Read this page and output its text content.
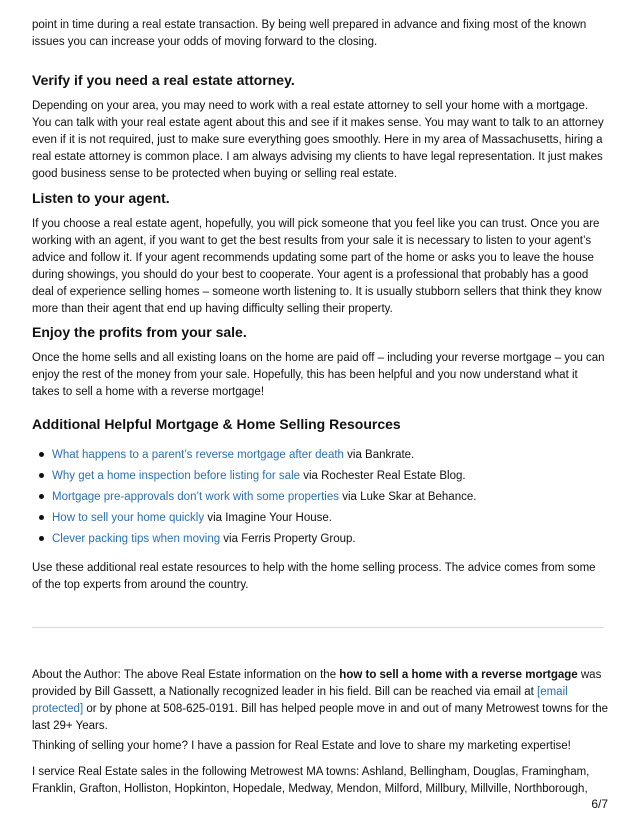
point in time during a real estate transaction. By being well prepared in advance and fixing most of the known issues you can increase your odds of moving forward to the closing.

Verify if you need a real estate attorney.

Depending on your area, you may need to work with a real estate attorney to sell your home with a mortgage. You can talk with your real estate agent about this and see if it makes sense. You may want to talk to an attorney even if it is not required, just to make sure everything goes smoothly. Here in my area of Massachusetts, hiring a real estate attorney is common place. I am always advising my clients to have legal representation. It just makes good business sense to be protected when buying or selling real estate.

Listen to your agent.

If you choose a real estate agent, hopefully, you will pick someone that you feel like you can trust. Once you are working with an agent, if you want to get the best results from your sale it is necessary to listen to your agent’s advice and follow it. If your agent recommends updating some part of the home or asks you to leave the house during showings, you should do your best to cooperate. Your agent is a professional that probably has a good deal of experience selling homes – someone worth listening to. It is usually stubborn sellers that think they know more than their agent that end up having difficulty selling their property.

Enjoy the profits from your sale.

Once the home sells and all existing loans on the home are paid off – including your reverse mortgage – you can enjoy the rest of the money from your sale. Hopefully, this has been helpful and you now understand what it takes to sell a home with a reverse mortgage!

Additional Helpful Mortgage & Home Selling Resources
What happens to a parent’s reverse mortgage after death via Bankrate.
Why get a home inspection before listing for sale via Rochester Real Estate Blog.
Mortgage pre-approvals don’t work with some properties via Luke Skar at Behance.
How to sell your home quickly via Imagine Your House.
Clever packing tips when moving via Ferris Property Group.

Use these additional real estate resources to help with the home selling process. The advice comes from some of the top experts from around the country.

About the Author: The above Real Estate information on the how to sell a home with a reverse mortgage was provided by Bill Gassett, a Nationally recognized leader in his field. Bill can be reached via email at [email protected] or by phone at 508-625-0191. Bill has helped people move in and out of many Metrowest towns for the last 29+ Years.

Thinking of selling your home? I have a passion for Real Estate and love to share my marketing expertise!

I service Real Estate sales in the following Metrowest MA towns: Ashland, Bellingham, Douglas, Framingham, Franklin, Grafton, Holliston, Hopkinton, Hopedale, Medway, Mendon, Milford, Millbury, Millville, Northborough,

6/7
